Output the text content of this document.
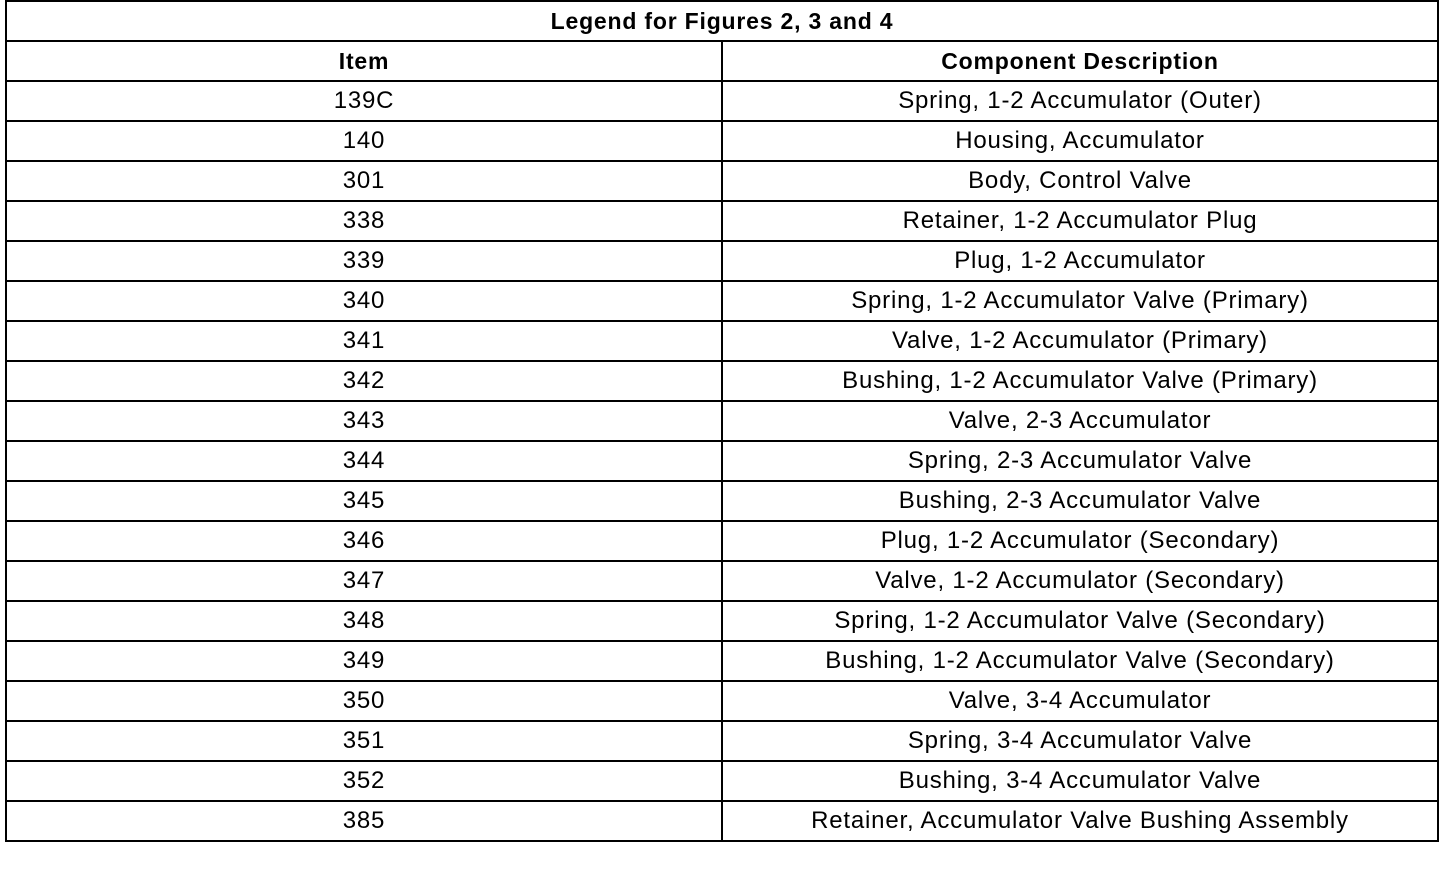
Legend for Figures 2, 3 and 4	
Item	Component Description
139C	Spring, 1-2 Accumulator (Outer)
140	Housing, Accumulator
301	Body, Control Valve
338	Retainer, 1-2 Accumulator Plug
339	Plug, 1-2 Accumulator
340	Spring, 1-2 Accumulator Valve (Primary)
341	Valve, 1-2 Accumulator (Primary)
342	Bushing, 1-2 Accumulator Valve (Primary)
343	Valve, 2-3 Accumulator
344	Spring, 2-3 Accumulator Valve
345	Bushing, 2-3 Accumulator Valve
346	Plug, 1-2 Accumulator (Secondary)
347	Valve, 1-2 Accumulator (Secondary)
348	Spring, 1-2 Accumulator Valve (Secondary)
349	Bushing, 1-2 Accumulator Valve (Secondary)
350	Valve, 3-4 Accumulator
351	Spring, 3-4 Accumulator Valve
352	Bushing, 3-4 Accumulator Valve
385	Retainer, Accumulator Valve Bushing Assembly
